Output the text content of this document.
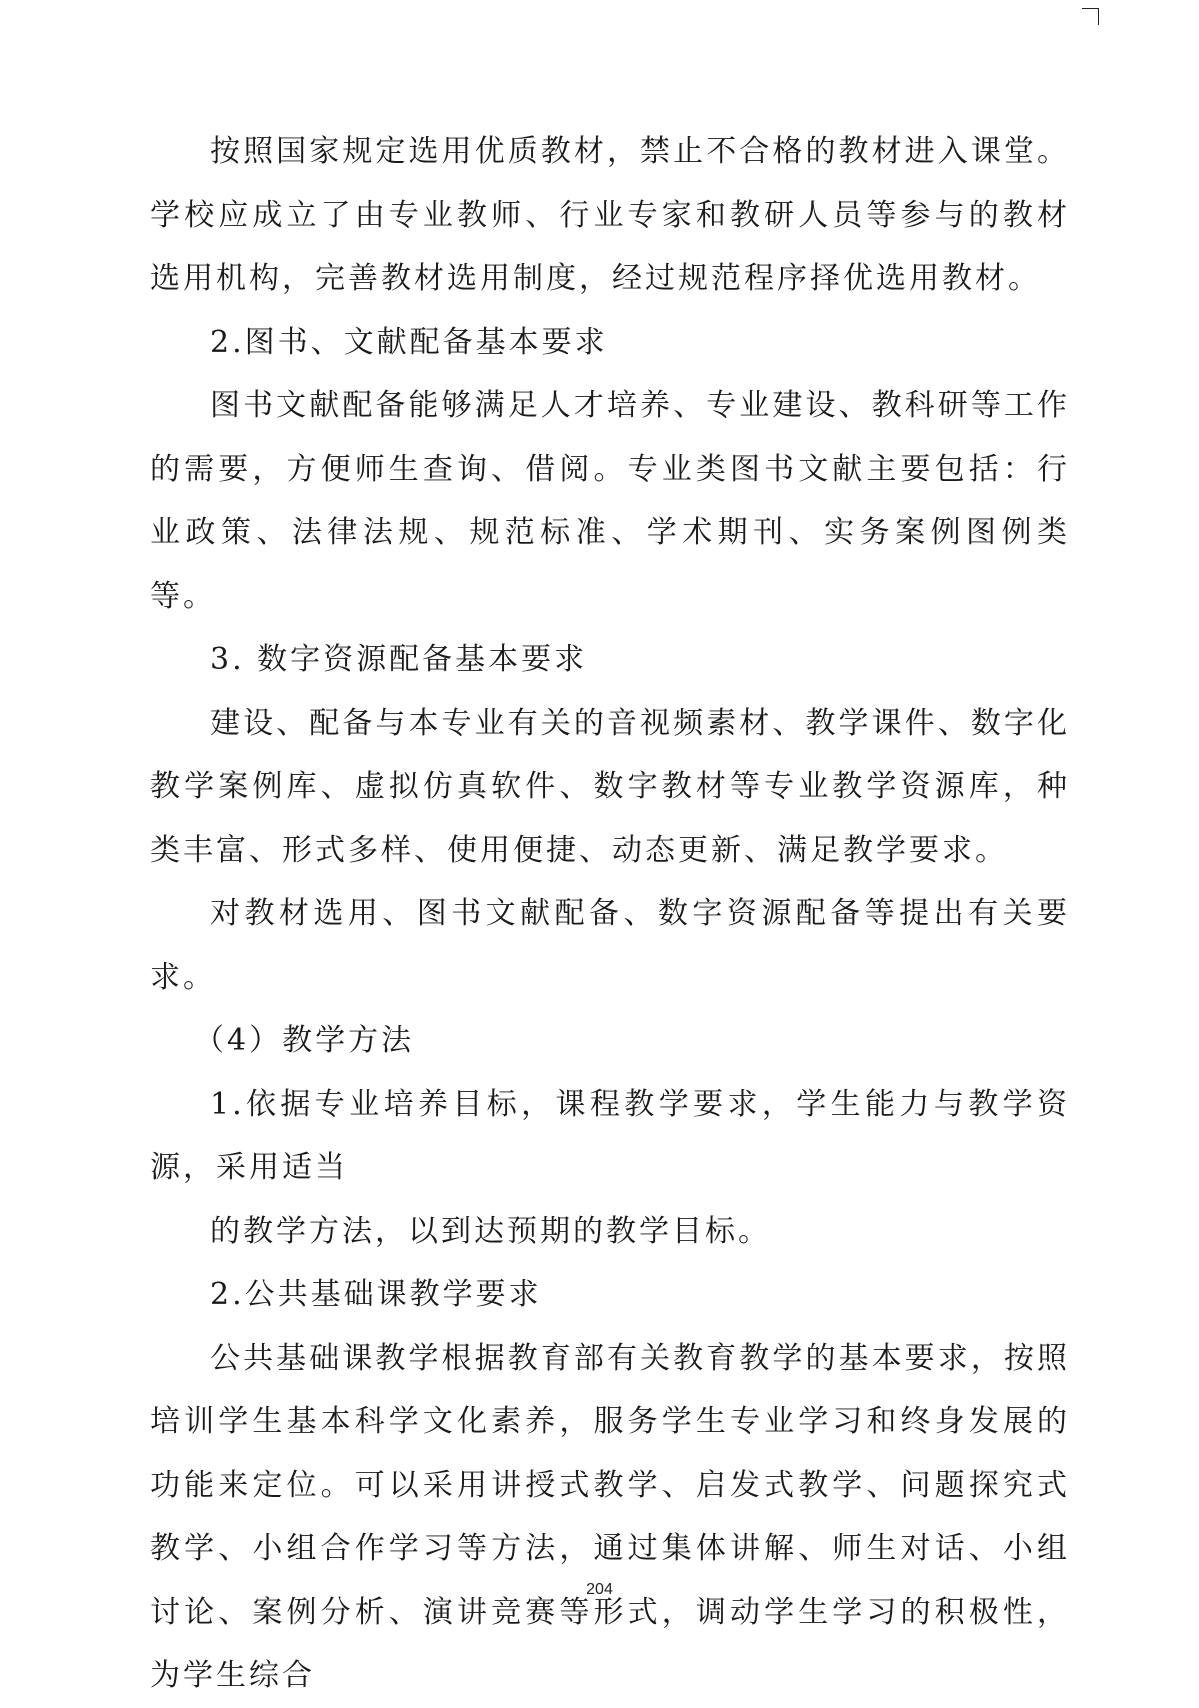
按照国家规定选用优质教材，禁止不合格的教材进入课堂。学校应成立了由专业教师、行业专家和教研人员等参与的教材选用机构，完善教材选用制度，经过规范程序择优选用教材。

2.图书、文献配备基本要求

图书文献配备能够满足人才培养、专业建设、教科研等工作的需要，方便师生查询、借阅。专业类图书文献主要包括：行业政策、法律法规、规范标准、学术期刊、实务案例图例类等。

3. 数字资源配备基本要求

建设、配备与本专业有关的音视频素材、教学课件、数字化教学案例库、虚拟仿真软件、数字教材等专业教学资源库，种类丰富、形式多样、使用便捷、动态更新、满足教学要求。

对教材选用、图书文献配备、数字资源配备等提出有关要求。

（4）教学方法

1.依据专业培养目标，课程教学要求，学生能力与教学资源，采用适当

的教学方法，以到达预期的教学目标。

2.公共基础课教学要求

公共基础课教学根据教育部有关教育教学的基本要求，按照培训学生基本科学文化素养，服务学生专业学习和终身发展的功能来定位。可以采用讲授式教学、启发式教学、问题探究式教学、小组合作学习等方法，通过集体讲解、师生对话、小组讨论、案例分析、演讲竞赛等形式，调动学生学习的积极性，为学生综合

204
